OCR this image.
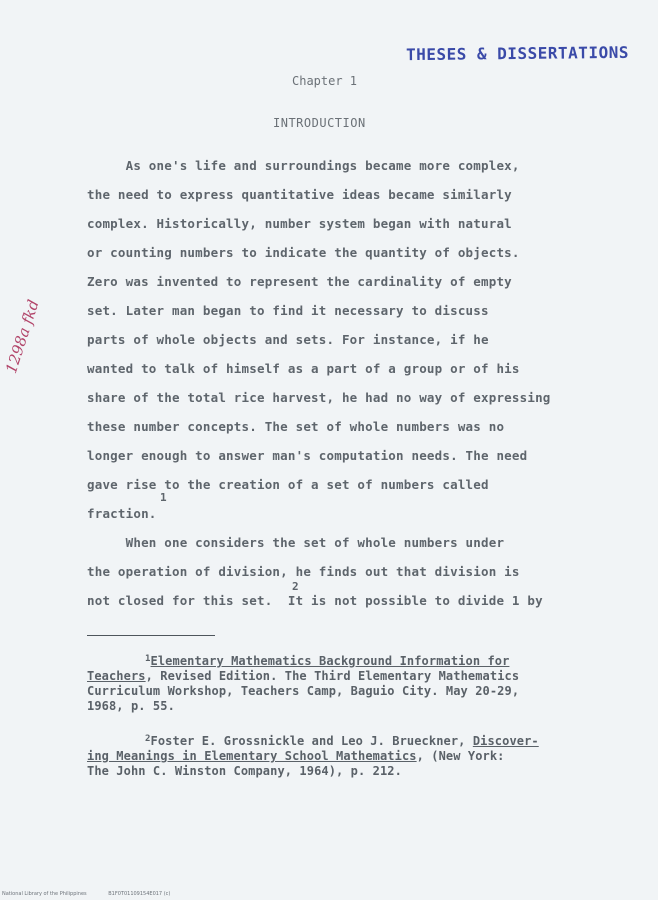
THESES & DISSERTATIONS
Chapter 1
INTRODUCTION
As one's life and surroundings became more complex,
the need to express quantitative ideas became similarly
complex. Historically, number system began with natural
or counting numbers to indicate the quantity of objects.
Zero was invented to represent the cardinality of empty
set. Later man began to find it necessary to discuss
parts of whole objects and sets. For instance, if he
wanted to talk of himself as a part of a group or of his
share of the total rice harvest, he had no way of expressing
these number concepts. The set of whole numbers was no
longer enough to answer man's computation needs. The need
gave rise to the creation of a set of numbers called
1
fraction.
When one considers the set of whole numbers under
the operation of division, he finds out that division is
2
not closed for this set.  It is not possible to divide 1 by
$^1$Elementary Mathematics Background Information for
Teachers, Revised Edition. The Third Elementary Mathematics
Curriculum Workshop, Teachers Camp, Baguio City. May 20-29,
1968, p. 55.
$^2$Foster E. Grossnickle and Leo J. Brueckner, Discover-
ing Meanings in Elementary School Mathematics, (New York:
The John C. Winston Company, 1964), p. 212.
1298a fkd
National Library of the Philippines	B1F0T01109154E017 (c)
